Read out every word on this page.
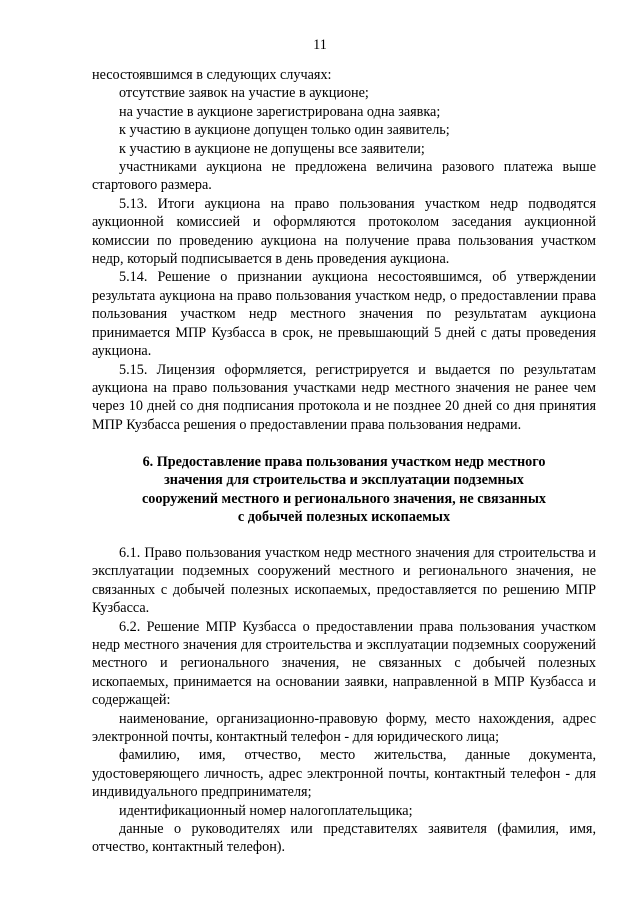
11

несостоявшимся в следующих случаях:

отсутствие заявок на участие в аукционе;

на участие в аукционе зарегистрирована одна заявка;

к участию в аукционе допущен только один заявитель;

к участию в аукционе не допущены все заявители;

участниками аукциона не предложена величина разового платежа выше стартового размера.

5.13. Итоги аукциона на право пользования участком недр подводятся аукционной комиссией и оформляются протоколом заседания аукционной комиссии по проведению аукциона на получение права пользования участком недр, который подписывается в день проведения аукциона.

5.14. Решение о признании аукциона несостоявшимся, об утверждении результата аукциона на право пользования участком недр, о предоставлении права пользования участком недр местного значения по результатам аукциона принимается МПР Кузбасса в срок, не превышающий 5 дней с даты проведения аукциона.

5.15. Лицензия оформляется, регистрируется и выдается по результатам аукциона на право пользования участками недр местного значения не ранее чем через 10 дней со дня подписания протокола и не позднее 20 дней со дня принятия МПР Кузбасса решения о предоставлении права пользования недрами.

6. Предоставление права пользования участком недр местного
значения для строительства и эксплуатации подземных
сооружений местного и регионального значения, не связанных
с добычей полезных ископаемых

6.1. Право пользования участком недр местного значения для строительства и эксплуатации подземных сооружений местного и регионального значения, не связанных с добычей полезных ископаемых, предоставляется по решению МПР Кузбасса.

6.2. Решение МПР Кузбасса о предоставлении права пользования участком недр местного значения для строительства и эксплуатации подземных сооружений местного и регионального значения, не связанных с добычей полезных ископаемых, принимается на основании заявки, направленной в МПР Кузбасса и содержащей:

наименование, организационно-правовую форму, место нахождения, адрес электронной почты, контактный телефон - для юридического лица;

фамилию, имя, отчество, место жительства, данные документа, удостоверяющего личность, адрес электронной почты, контактный телефон - для индивидуального предпринимателя;

идентификационный номер налогоплательщика;

данные о руководителях или представителях заявителя (фамилия, имя, отчество, контактный телефон).
